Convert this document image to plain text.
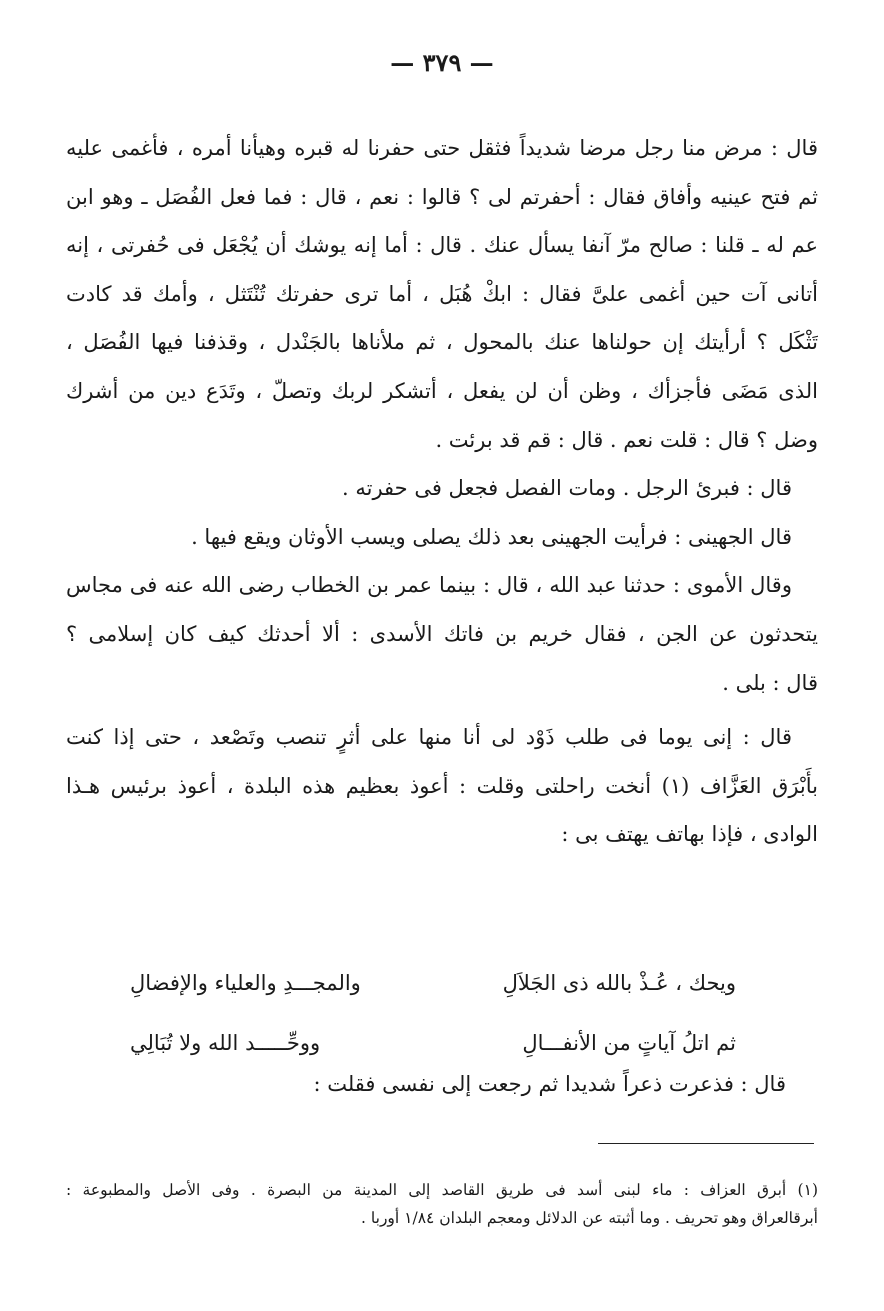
— ٣٧٩ —
قال : مرض منا رجل مرضا شديداً فثقل حتى حفرنا له قبره وهيأنا أمره ، فأغمى عليه
ثم فتح عينيه وأفاق فقال : أحفرتم لى ؟ قالوا : نعم ، قال : فما فعل الفُصَل ـ وهو ابن
عم له ـ قلنا : صالح مرّ آنفا يسأل عنك . قال : أما إنه يوشك أن يُجْعَل فى حُفرتى ، إنه
أتانى آت حين أغمى علىَّ فقال : ابكْ هُبَل ، أما ترى حفرتك تُنْتَثل ، وأمك قد كادت
تَثْكَل ؟ أرأيتك إن حولناها عنك بالمحول ، ثم ملأناها بالجَنْدل ، وقذفنا فيها الفُصَل ،
الذى مَضَى فأجزأك ، وظن أن لن يفعل ، أتشكر لربك وتصلّ ، وتَدَع دين من أشرك
وضل ؟ قال : قلت نعم . قال : قم قد برئت .
قال : فبرئ الرجل . ومات الفصل فجعل فى حفرته .
قال الجهينى : فرأيت الجهينى بعد ذلك يصلى ويسب الأوثان ويقع فيها .
وقال الأموى : حدثنا عبد الله ، قال : بينما عمر بن الخطاب رضى الله عنه فى مجاس
يتحدثون عن الجن ، فقال خريم بن فاتك الأسدى : ألا أحدثك كيف كان إسلامى ؟
قال : بلى .
قال : إنى يوما فى طلب ذَوْد لى أنا منها على أثرٍ تنصب وتَصْعد ، حتى إذا كنت
بأَبْرَق العَزَّاف (١) أنخت راحلتى وقلت : أعوذ بعظيم هذه البلدة ، أعوذ برئيس هـذا
الوادى ، فإذا بهاتف يهتف بى :
ويحك ، عُـذْ بالله ذى الجَلاَلِ
والمجـــدِ والعلياء والإفضالِ
ثم اتلُ آياتٍ من الأنفـــالِ
ووحِّـــــد الله ولا تُبَالِي
قال : فذعرت ذعراً شديدا ثم رجعت إلى نفسى فقلت :
(١) أبرق العزاف : ماء لبنى أسد فى طريق القاصد إلى المدينة من البصرة . وفى الأصل والمطبوعة :
أبرقالعراق وهو تحريف . وما أثبته عن الدلائل ومعجم البلدان ١/٨٤ أوربا .
